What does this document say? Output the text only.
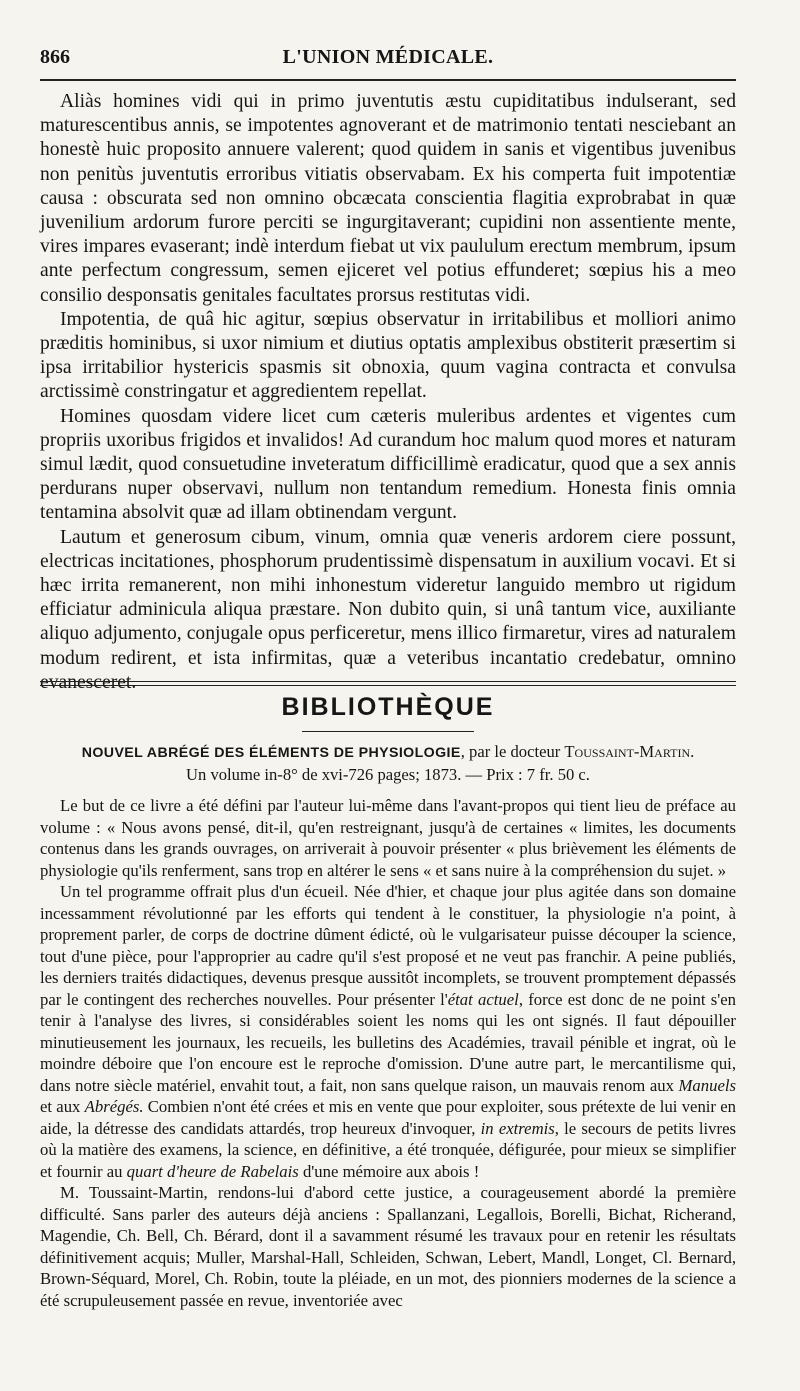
866	L'UNION MÉDICALE.

Aliàs homines vidi qui in primo juventutis æstu cupiditatibus indulserant, sed maturescentibus annis, se impotentes agnoverant et de matrimonio tentati nesciebant an honestè huic proposito annuere valerent; quod quidem in sanis et vigentibus juvenibus non penitùs juventutis erroribus vitiatis observabam. Ex his comperta fuit impotentiæ causa : obscurata sed non omnino obcæcata conscientia flagitia exprobrabat in quæ juvenilium ardorum furore perciti se ingurgitaverant; cupidini non assentiente mente, vires impares evaserant; indè interdum fiebat ut vix paululum erectum membrum, ipsum ante perfectum congressum, semen ejiceret vel potius effunderet; sœpius his a meo consilio desponsatis genitales facultates prorsus restitutas vidi.

Impotentia, de quâ hic agitur, sœpius observatur in irritabilibus et molliori animo præditis hominibus, si uxor nimium et diutius optatis amplexibus obstiterit præsertim si ipsa irritabilior hystericis spasmis sit obnoxia, quum vagina contracta et convulsa arctissimè constringatur et aggredientem repellat.

Homines quosdam videre licet cum cæteris muleribus ardentes et vigentes cum propriis uxoribus frigidos et invalidos! Ad curandum hoc malum quod mores et naturam simul lædit, quod consuetudine inveteratum difficillimè eradicatur, quod que a sex annis perdurans nuper observavi, nullum non tentandum remedium. Honesta finis omnia tentamina absolvit quæ ad illam obtinendam vergunt.

Lautum et generosum cibum, vinum, omnia quæ veneris ardorem ciere possunt, electricas incitationes, phosphorum prudentissimè dispensatum in auxilium vocavi. Et si hæc irrita remanerent, non mihi inhonestum videretur languido membro ut rigidum efficiatur adminicula aliqua præstare. Non dubito quin, si unâ tantum vice, auxiliante aliquo adjumento, conjugale opus perficeretur, mens illico firmaretur, vires ad naturalem modum redirent, et ista infirmitas, quæ a veteribus incantatio credebatur, omnino evanesceret.

BIBLIOTHÈQUE
NOUVEL ABRÉGÉ DES ÉLÉMENTS DE PHYSIOLOGIE, par le docteur Toussaint-Martin.
Un volume in-8° de xvi-726 pages; 1873. — Prix : 7 fr. 50 c.

Le but de ce livre a été défini par l'auteur lui-même dans l'avant-propos qui tient lieu de préface au volume : « Nous avons pensé, dit-il, qu'en restreignant, jusqu'à de certaines « limites, les documents contenus dans les grands ouvrages, on arriverait à pouvoir présenter « plus brièvement les éléments de physiologie qu'ils renferment, sans trop en altérer le sens « et sans nuire à la compréhension du sujet. »

Un tel programme offrait plus d'un écueil. Née d'hier, et chaque jour plus agitée dans son domaine incessamment révolutionné par les efforts qui tendent à le constituer, la physiologie n'a point, à proprement parler, de corps de doctrine dûment édicté, où le vulgarisateur puisse découper la science, tout d'une pièce, pour l'approprier au cadre qu'il s'est proposé et ne veut pas franchir. A peine publiés, les derniers traités didactiques, devenus presque aussitôt incomplets, se trouvent promptement dépassés par le contingent des recherches nouvelles. Pour présenter l'état actuel, force est donc de ne point s'en tenir à l'analyse des livres, si considérables soient les noms qui les ont signés. Il faut dépouiller minutieusement les journaux, les recueils, les bulletins des Académies, travail pénible et ingrat, où le moindre déboire que l'on encoure est le reproche d'omission. D'une autre part, le mercantilisme qui, dans notre siècle matériel, envahit tout, a fait, non sans quelque raison, un mauvais renom aux Manuels et aux Abrégés. Combien n'ont été crées et mis en vente que pour exploiter, sous prétexte de lui venir en aide, la détresse des candidats attardés, trop heureux d'invoquer, in extremis, le secours de petits livres où la matière des examens, la science, en définitive, a été tronquée, défigurée, pour mieux se simplifier et fournir au quart d'heure de Rabelais d'une mémoire aux abois !

M. Toussaint-Martin, rendons-lui d'abord cette justice, a courageusement abordé la première difficulté. Sans parler des auteurs déjà anciens : Spallanzani, Legallois, Borelli, Bichat, Richerand, Magendie, Ch. Bell, Ch. Bérard, dont il a savamment résumé les travaux pour en retenir les résultats définitivement acquis; Muller, Marshal-Hall, Schleiden, Schwan, Lebert, Mandl, Longet, Cl. Bernard, Brown-Séquard, Morel, Ch. Robin, toute la pléiade, en un mot, des pionniers modernes de la science a été scrupuleusement passée en revue, inventoriée avec
